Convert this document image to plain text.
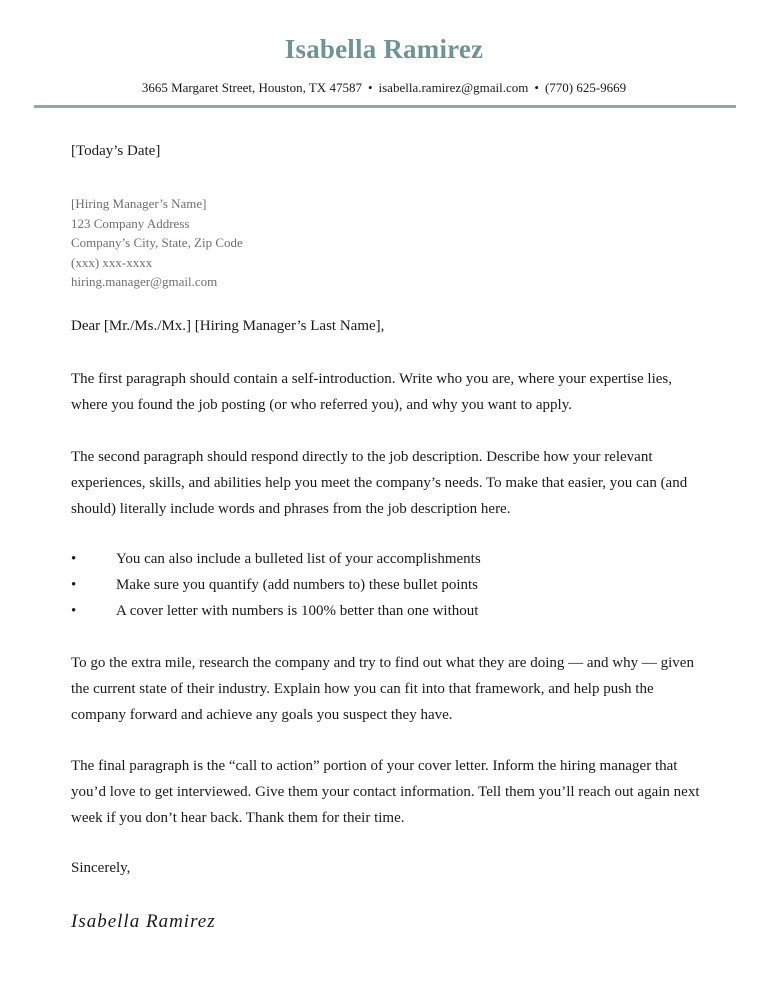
Isabella Ramirez
3665 Margaret Street, Houston, TX 47587 • isabella.ramirez@gmail.com • (770) 625-9669
[Today’s Date]
[Hiring Manager’s Name]
123 Company Address
Company’s City, State, Zip Code
(xxx) xxx-xxxx
hiring.manager@gmail.com
Dear [Mr./Ms./Mx.] [Hiring Manager’s Last Name],

The first paragraph should contain a self-introduction. Write who you are, where your expertise lies, where you found the job posting (or who referred you), and why you want to apply.

The second paragraph should respond directly to the job description. Describe how your relevant experiences, skills, and abilities help you meet the company’s needs. To make that easier, you can (and should) literally include words and phrases from the job description here.

•	You can also include a bulleted list of your accomplishments
•	Make sure you quantify (add numbers to) these bullet points
•	A cover letter with numbers is 100% better than one without

To go the extra mile, research the company and try to find out what they are doing — and why — given the current state of their industry. Explain how you can fit into that framework, and help push the company forward and achieve any goals you suspect they have.

The final paragraph is the “call to action” portion of your cover letter. Inform the hiring manager that you’d love to get interviewed. Give them your contact information. Tell them you’ll reach out again next week if you don’t hear back. Thank them for their time.

Sincerely,
Isabella Ramirez
